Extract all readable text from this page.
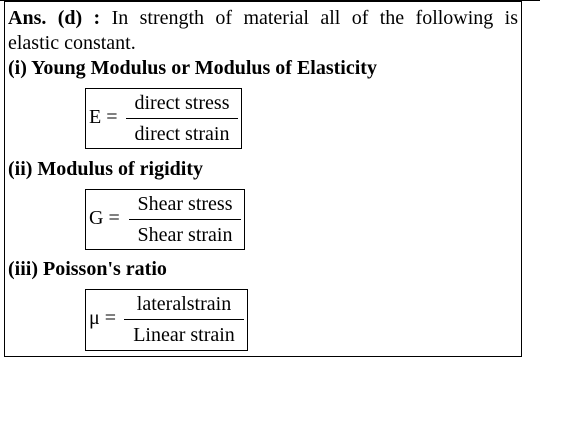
Ans. (d) : In strength of material all of the following is
elastic constant.
(i) Young Modulus or Modulus of Elasticity
E =
direct stress
direct strain
(ii) Modulus of rigidity
G =
Shear stress
Shear strain
(iii) Poisson's ratio
μ =
lateralstrain
Linear strain
